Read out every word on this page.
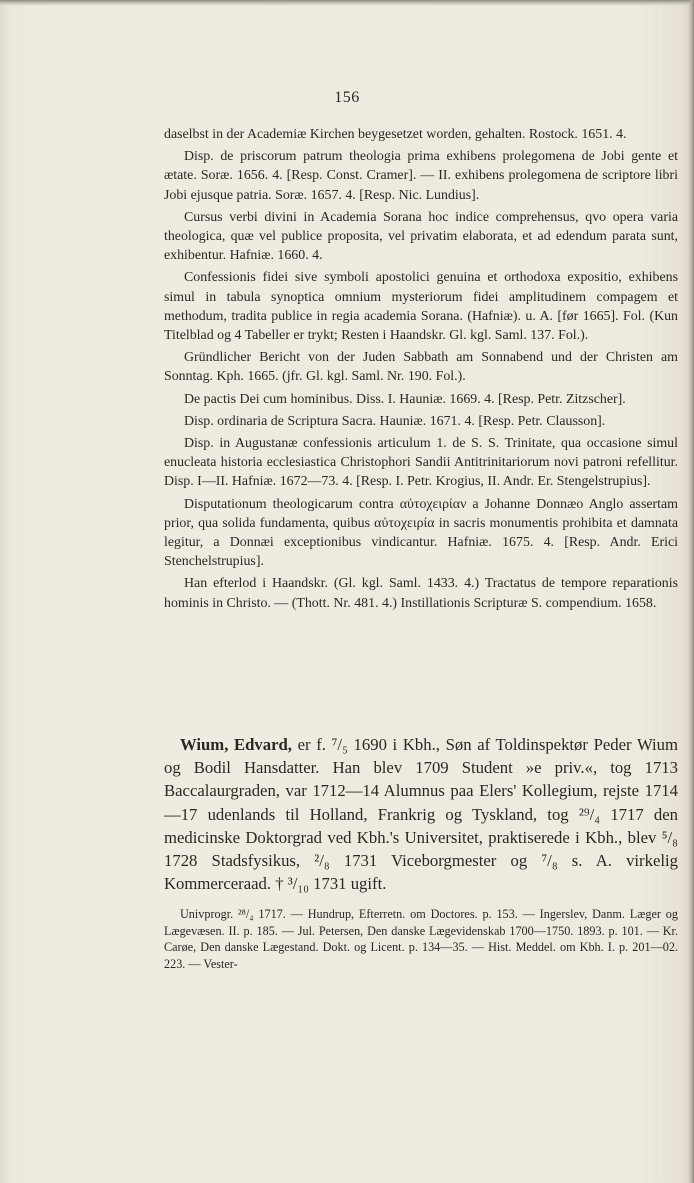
156

daselbst in der Academiæ Kirchen beygesetzet worden, gehalten. Rostock. 1651. 4.

Disp. de priscorum patrum theologia prima exhibens prolegomena de Jobi gente et ætate. Soræ. 1656. 4. [Resp. Const. Cramer]. — II. exhibens prolegomena de scriptore libri Jobi ejusque patria. Soræ. 1657. 4. [Resp. Nic. Lundius].

Cursus verbi divini in Academia Sorana hoc indice comprehensus, qvo opera varia theologica, quæ vel publice proposita, vel privatim elaborata, et ad edendum parata sunt, exhibentur. Hafniæ. 1660. 4.

Confessionis fidei sive symboli apostolici genuina et orthodoxa expositio, exhibens simul in tabula synoptica omnium mysteriorum fidei amplitudinem compagem et methodum, tradita publice in regia academia Sorana. (Hafniæ). u. A. [før 1665]. Fol. (Kun Titelblad og 4 Tabeller er trykt; Resten i Haandskr. Gl. kgl. Saml. 137. Fol.).

Gründlicher Bericht von der Juden Sabbath am Sonnabend und der Christen am Sonntag. Kph. 1665. (jfr. Gl. kgl. Saml. Nr. 190. Fol.).

De pactis Dei cum hominibus. Diss. I. Hauniæ. 1669. 4. [Resp. Petr. Zitzscher].

Disp. ordinaria de Scriptura Sacra. Hauniæ. 1671. 4. [Resp. Petr. Clausson].

Disp. in Augustanæ confessionis articulum 1. de S. S. Trinitate, qua occasione simul enucleata historia ecclesiastica Christophori Sandii Antitrinitariorum novi patroni refellitur. Disp. I—II. Hafniæ. 1672—73. 4. [Resp. I. Petr. Krogius, II. Andr. Er. Stengelstrupius].

Disputationum theologicarum contra αὐτοχειρίαν a Johanne Donnæo Anglo assertam prior, qua solida fundamenta, quibus αὐτοχειρία in sacris monumentis prohibita et damnata legitur, a Donnæi exceptionibus vindicantur. Hafniæ. 1675. 4. [Resp. Andr. Erici Stenchelstrupius].

Han efterlod i Haandskr. (Gl. kgl. Saml. 1433. 4.) Tractatus de tempore reparationis hominis in Christo. — (Thott. Nr. 481. 4.) Instillationis Scripturæ S. compendium. 1658.

Wium, Edvard, er f. ⁷/₅ 1690 i Kbh., Søn af Toldinspektør Peder Wium og Bodil Hansdatter. Han blev 1709 Student »e priv.«, tog 1713 Baccalaurgraden, var 1712—14 Alumnus paa Elers' Kollegium, rejste 1714—17 udenlands til Holland, Frankrig og Tyskland, tog ²⁹/₄ 1717 den medicinske Doktorgrad ved Kbh.'s Universitet, praktiserede i Kbh., blev ⁵/₈ 1728 Stadsfysikus, ²/₈ 1731 Viceborgmester og ⁷/₈ s. A. virkelig Kommerceraad. † ³/₁₀ 1731 ugift.

Univprogr. ²⁸/₄ 1717. — Hundrup, Efterretn. om Doctores. p. 153. — Ingerslev, Danm. Læger og Lægevæsen. II. p. 185. — Jul. Petersen, Den danske Lægevidenskab 1700—1750. 1893. p. 101. — Kr. Carøe, Den danske Lægestand. Dokt. og Licent. p. 134—35. — Hist. Meddel. om Kbh. I. p. 201—02. 223. — Vester-
